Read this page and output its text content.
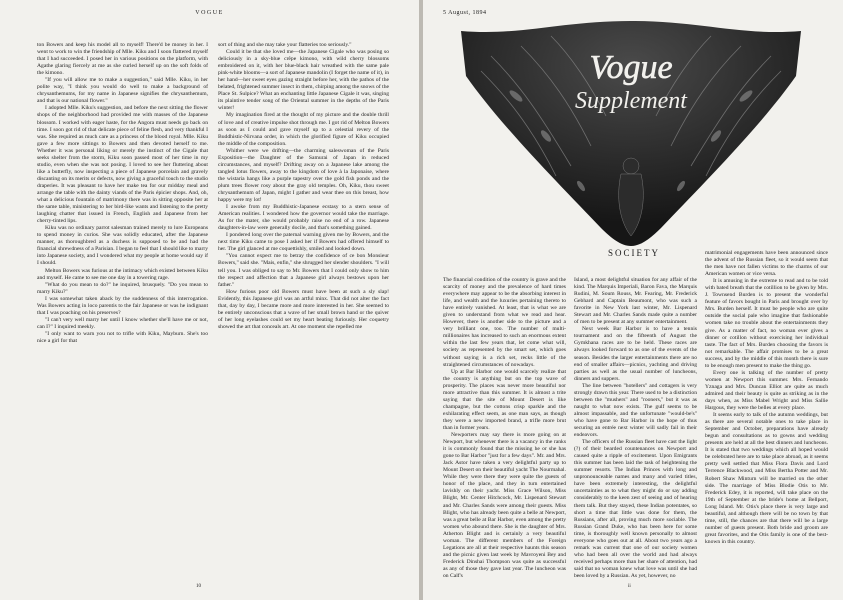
VOGUE

ton Bowers and keep his model all to myself! There'd be money in her. I went to work to win the friendship of Mlle. Kiku and I soon flattered myself that I had succeeded. I posed her in various positions on the platform, with Agathe glaring fiercely at me as she curled herself up on the soft folds of the kimono.

"If you will allow me to make a suggestion," said Mlle. Kiku, in her polite way, "I think you would do well to make a background of chrysanthemums, for my name in Japanese signifies the chrysanthemum, and that is our national flower."

I adopted Mlle. Kiku's suggestion, and before the next sitting the flower shops of the neighborhood had provided me with masses of the Japanese blossom. I worked with eager haste, for the Angora must needs go back on time. I soon got rid of that delicate piece of feline flesh, and very thankful I was. She required as much care as a princess of the blood royal. Mlle. Kiku gave a few more sittings to Bowers and then devoted herself to me. Whether it was personal liking or merely the instinct of the Cigale that seeks shelter from the storm, Kiku soon passed most of her time in my studio, even when she was not posing. I loved to see her fluttering about like a butterfly, now inspecting a piece of Japanese porcelain and gravely discanting on its merits or defects, now giving a graceful touch to the studio draperies. It was pleasant to have her make tea for our midday meal and arrange the table with the dainty viands of the Paris épicier shops. And, oh, what a delicious fountain of matrimony there was in sitting opposite her at the same table, ministering to her bird-like wants and listening to the pretty laughing chatter that issued in French, English and Japanese from her cherry-tinted lips.

Kiku was no ordinary parrot salesman trained merely to lure Europeans to spend money in curios. She was solidly educated, after the Japanese manner, as thoroughbred as a duchess is supposed to be and had the financial shrewdness of a Parisian. I began to feel that I should like to marry into Japanese society, and I wondered what my people at home would say if I should.

Melton Bowers was furious at the intimacy which existed between Kiku and myself. He came to see me one day in a towering rage.

"What do you mean to do?" he inquired, brusquely. "Do you mean to marry Kiku?"

I was somewhat taken aback by the suddenness of this interrogation. Was Bowers acting in loco parentis to the fair Japanese or was he indignant that I was poaching on his preserves?

"I can't very well marry her until I know whether she'll have me or not, can I?" I inquired meekly.

"I only want to warn you not to trifle with Kiku, Mayburn. She's too nice a girl for that

sort of thing and she may take your flatteries too seriously."

Could it be that she loved me—the Japanese Cigale who was posing so deliciously in a sky-blue crêpe kimono, with wild cherry blossoms embroidered on it, with her blue-black hair wreathed with the same pale pink-white blooms—a sort of Japanese mandolin (I forget the name of it), in her hand—her sweet eyes gazing straight before her, with the pathos of the belated, frightened summer insect in them, chirping among the snows of the Place St. Sulpice? What an enchanting little Japanese Cigale it was, singing its plaintive tender song of the Oriental summer in the depths of the Paris winter!

My imagination fired at the thought of my picture and the double thrill of love and of creative impulse shot through me. I got rid of Melton Bowers as soon as I could and gave myself up to a celestial revery of the Buddhistic-Nirvana order, in which the glorified figure of Kiku occupied the middle of the composition.

Whither were we drifting—the charming saleswoman of the Paris Exposition—the Daughter of the Samurai of Japan in reduced circumstances, and myself? Drifting away on a Japanese lake among the tangled lotus flowers, away to the kingdom of love à la Japonaise, where the wistaria hangs like a purple tapestry over the gold fish ponds and the plum trees flower rosy about the gray old temples. Oh, Kiku, thou sweet chrysanthemum of Japan, might I gather and wear thee on this breast, how happy were my lot!

I awoke from my Buddhistic-Japanese ecstasy to a stern sense of American realities. I wondered how the governor would take the marriage. As for the mater, she would probably raise no end of a row. Japanese daughters-in-law were generally docile, and that's something gained.

I pondered long over the paternal warning given me by Bowers, and the next time Kiku came to pose I asked her if Bowers had offered himself to her. The girl glanced at me coquettishly, smiled and looked down.

"You cannot expect me to betray the confidence of ce bon Monsieur Bowers," said she. "Mais, enfin," she shrugged her slender shoulders. "I will tell you. I was obliged to say to Mr. Bowers that I could only show to him the respect and affection that a Japanese girl always bestows upon her father."

How furious poor old Bowers must have been at such a sly slap! Evidently, this Japanese girl was an artful minx. That did not alter the fact that, day by day, I became more and more interested in her. She seemed to be entirely unconscious that a wave of her small brown hand or the quiver of her long eyelashes could set my heart beating furiously. Her coquetry showed the art that conceals art. At one moment she repelled me

10
5 August, 1894
Vogue
Supplement
SOCIETY

The financial condition of the country is grave and the scarcity of money and the prevalence of hard times everywhere may appear to be the absorbing interest in life, and wealth and the luxuries pertaining thereto to have entirely vanished. At least, that is what we are given to understand from what we read and hear. However, there is another side to the picture and a very brilliant one, too. The number of multi-millionaires has increased to such an enormous extent within the last few years that, let come what will, society as represented by the smart set, which goes without saying is a rich set, recks little of the straightened circumstances of nowadays.

Up at Bar Harbor one would scarcely realize that the country is anything but on the top wave of prosperity. The places was never more beautiful nor more attractive than this summer. It is almost a trite saying that the site of Mount Desert is like champagne, but the cottons crisp sparkle and the exhilarating effect seem, as one man says, as though they were a new imported brand, a trifle more brut than in former years.

Newporters may say there is more going on at Newport, but whenever there is a vacancy in the ranks it is commonly found that the missing he or she has gone to Bar Harbor "just for a few days". Mr. and Mrs. Jack Astor have taken a very delightful party up to Mount Desert on their beautiful yacht The Nourmahal. While they were there they were quite the guests of honor of the place, and they in turn entertained lavishly on their yacht. Miss Grace Wilson, Miss Blight, Mr. Center Hitchcock, Mr. Lispenard Stewart and Mr. Charles Sands were among their guests. Miss Blight, who has already been quite a belle at Newport, was a great belle at Bar Harbor, even among the pretty women who abound there. She is the daughter of Mrs. Atherton Blight and is certainly a very beautiful woman. The different members of the Foreign Legations are all at their respective haunts this season and the picnic given last week by Mavroyeni Bey and Frederick Dinshai Thompson was quite as successful as any of those they gave last year. The luncheon was on Calf's

Island, a most delightful situation for any affair of the kind. The Marquis Imperiali, Baron Fava, the Marquis Rudini, M. Soum Rouss, Mr. Fearing, Mr. Frederick Gebhard and Captain Beaumont, who was such a favorite in New York last winter, Mr. Lispenard Stewart and Mr. Charles Sands made quite a number of men to be present at any summer entertainment.

Next week Bar Harbor is to have a tennis tournament and on the fifteenth of August the Gymkhana races are to be held. These races are always looked forward to as one of the events of the season. Besides the larger entertainments there are no end of smaller affairs—picnics, yachting and driving parties as well as the usual number of luncheons, dinners and suppers.

The line between "hotellers" and cottagers is very strongly drawn this year. There used to be a distinction between the "mushers" and "rooners," but it was as naught to what now exists. The gulf seems to be almost impassable, and the unfortunate "would-be's" who have gone to Bar Harbor in the hope of thus securing an entrée next winter will sadly fail in their endeavors.

The officers of the Russian fleet have cast the light (?) of their bearded countenances on Newport and caused quite a ripple of excitement. Upon Emigrants this summer has been laid the task of heightening the summer resorts. The Indian Princes with long and unpronounceable names and many and varied titles, have been extremely interesting, the delightful uncertainties as to what they might do or say adding considerably to the keen zest of seeing and of hearing them talk. But they stayed, these Indian potentates, so short a time that little was done for them, the Russians, after all, proving much more sociable. The Russian Grand Duke, who has been here for some time, is thoroughly well known personally to almost everyone who goes out at all. About two years ago a remark was current that one of our society women who had been all over the world and had always received perhaps more than her share of attention, had said that no woman knew what love was until she had been loved by a Russian. As yet, however, no

matrimonial engagements have been announced since the advent of the Russian fleet, so it would seem that the men have not fallen victims to the charms of our American women or vice versa.

It is amusing in the extreme to read and to be told with bated breath that the cotillion to be given by Mrs. J. Townsend Burden is to present the wonderful feature of favors bought in Paris and brought over by Mrs. Burden herself. It must be people who are quite outside the social pale who imagine that fashionable women take no trouble about the entertainments they give. As a matter of fact, no woman ever gives a dinner or cotillon without exercising her individual taste. The fact of Mrs. Burden choosing the favors is not remarkable. The affair promises to be a great success, and by the middle of this month there is sure to be enough men present to make the thing go.

Every one is talking of the number of pretty women at Newport this summer. Mrs. Fernando Yznaga and Mrs. Duncan Elliot are quite as much admired and their beauty is quite as striking as in the days when, as Miss Mabel Wright and Miss Sallie Hargous, they were the belles at every place.

It seems early to talk of the autumn weddings, but as there are several notable ones to take place in September and October, preparations have already begun and consultations as to gowns and wedding presents are held at all the best dinners and luncheons. It is stated that two weddings which all hoped would be celebrated here are to take place abroad, as it seems pretty well settled that Miss Flora Davis and Lord Terrence Blackwood, and Miss Bertha Potter and Mr. Robert Shaw Minturn will be married on the other side. The marriage of Miss Blodie Otis to Mr. Frederick Edey, it is reported, will take place on the 19th of September at the bride's home at Bellport, Long Island. Mr. Otis's place there is very large and beautiful, and although there will be no town by that time, still, the chances are that there will be a large number of guests present. Both bride and groom are great favorites, and the Otis family is one of the best-known in this country.

ii
